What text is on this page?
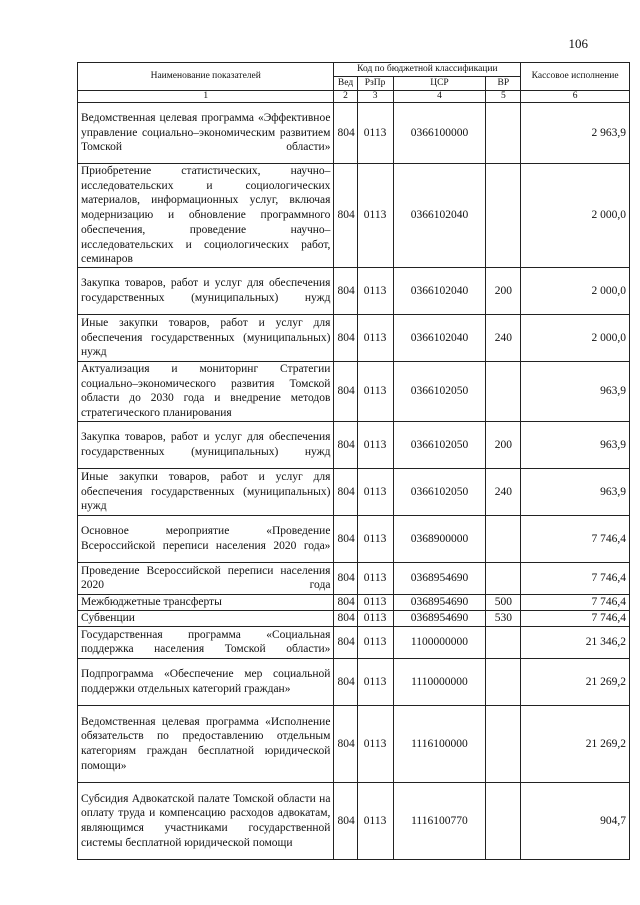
106
Наименование показателей	Код по бюджетной классификации				Кассовое исполнение
	Вед	РзПр	ЦСР	ВР	
1	2	3	4	5	6
Ведомственная целевая программа «Эффективное управление социально–экономическим развитием Томской области»	804	0113	0366100000		2 963,9
Приобретение статистических, научно–исследовательских и социологических материалов, информационных услуг, включая модернизацию и обновление программного обеспечения, проведение научно–исследовательских и социологических работ, семинаров	804	0113	0366102040		2 000,0
Закупка товаров, работ и услуг для обеспечения государственных (муниципальных) нужд	804	0113	0366102040	200	2 000,0
Иные закупки товаров, работ и услуг для обеспечения государственных (муниципальных) нужд	804	0113	0366102040	240	2 000,0
Актуализация и мониторинг Стратегии социально–экономического развития Томской области до 2030 года и внедрение методов стратегического планирования	804	0113	0366102050		963,9
Закупка товаров, работ и услуг для обеспечения государственных (муниципальных) нужд	804	0113	0366102050	200	963,9
Иные закупки товаров, работ и услуг для обеспечения государственных (муниципальных) нужд	804	0113	0366102050	240	963,9
Основное мероприятие «Проведение Всероссийской переписи населения 2020 года»	804	0113	0368900000		7 746,4
Проведение Всероссийской переписи населения 2020 года	804	0113	0368954690		7 746,4
Межбюджетные трансферты	804	0113	0368954690	500	7 746,4
Субвенции	804	0113	0368954690	530	7 746,4
Государственная программа «Социальная поддержка населения Томской области»	804	0113	1100000000		21 346,2
Подпрограмма «Обеспечение мер социальной поддержки отдельных категорий граждан»	804	0113	1110000000		21 269,2
Ведомственная целевая программа «Исполнение обязательств по предоставлению отдельным категориям граждан бесплатной юридической помощи»	804	0113	1116100000		21 269,2
Субсидия Адвокатской палате Томской области на оплату труда и компенсацию расходов адвокатам, являющимся участниками государственной системы бесплатной юридической помощи	804	0113	1116100770		904,7
